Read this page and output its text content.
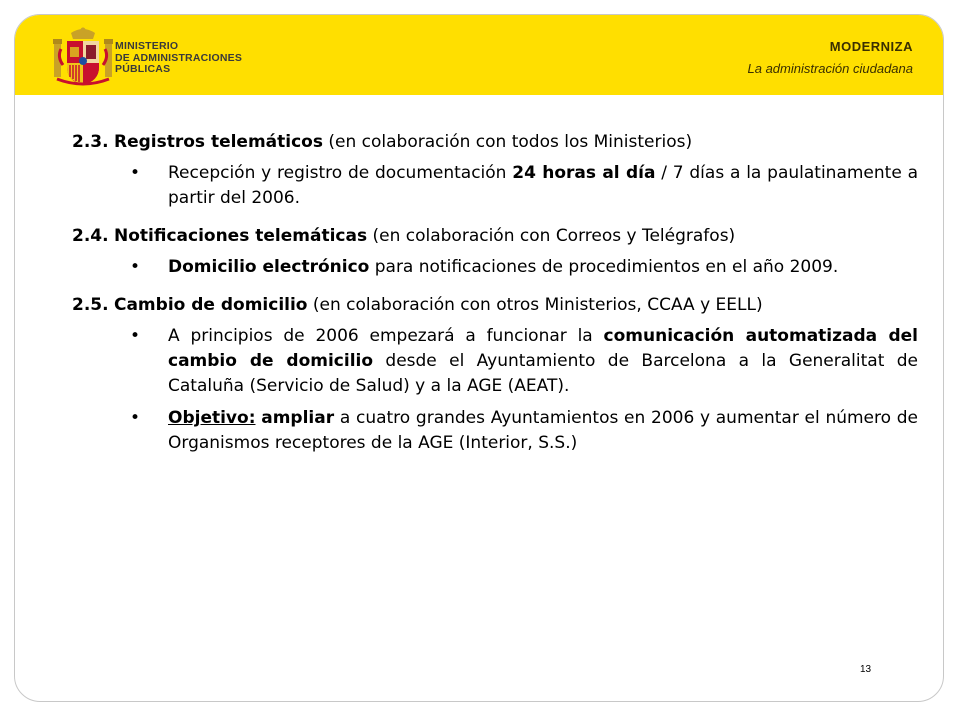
MINISTERIO
DE ADMINISTRACIONES
PÚBLICAS
MODERNIZA
La administración ciudadana
2.3. Registros telemáticos (en colaboración con todos los Ministerios)
• Recepción y registro de documentación 24 horas al día / 7 días a la paulatinamente a partir del 2006.
2.4. Notificaciones telemáticas (en colaboración con Correos y Telégrafos)
• Domicilio electrónico para notificaciones de procedimientos en el año 2009.
2.5. Cambio de domicilio (en colaboración con otros Ministerios, CCAA y EELL)
• A principios de 2006 empezará a funcionar la comunicación automatizada del cambio de domicilio desde el Ayuntamiento de Barcelona a la Generalitat de Cataluña (Servicio de Salud) y a la AGE (AEAT).
• Objetivo: ampliar a cuatro grandes Ayuntamientos en 2006 y aumentar el número de Organismos receptores de la AGE (Interior, S.S.)
13
